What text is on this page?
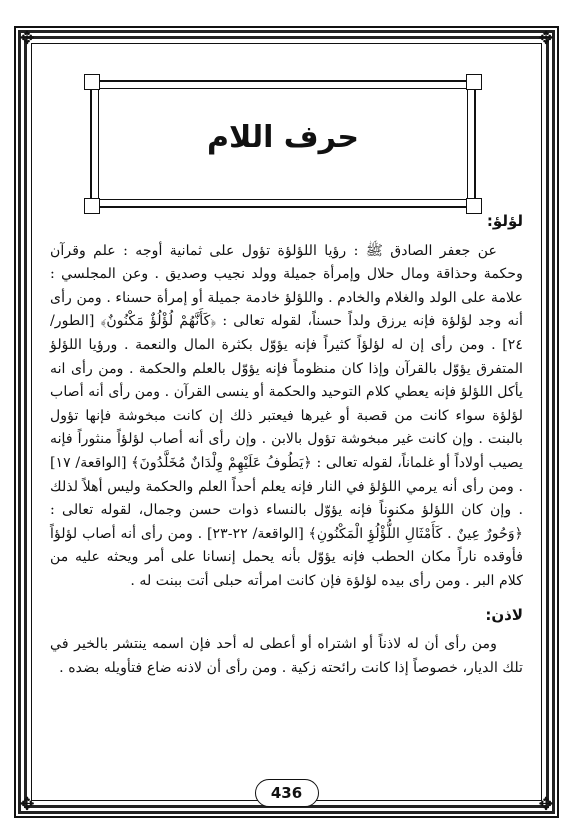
✥	✥
✥	✥
حرف اللام

لؤلؤ:

عن جعفر الصادق ﷺ : رؤيا اللؤلؤة تؤول على ثمانية أوجه : علم وقرآن وحكمة وحذاقة ومال حلال وإمرأة جميلة وولد نجيب وصديق . وعن المجلسي : علامة على الولد والغلام والخادم . واللؤلؤ خادمة جميلة أو إمرأة حسناء . ومن رأى أنه وجد لؤلؤة فإنه يرزق ولداً حسناً، لقوله تعالى : ﴿كَأَنَّهُمْ لُؤْلُؤٌ مَكْنُونٌ﴾ [الطور/ ٢٤] . ومن رأى إن له لؤلؤاً كثيراً فإنه يؤوّل بكثرة المال والنعمة . ورؤيا اللؤلؤ المتفرق يؤوّل بالقرآن وإذا كان منظوماً فإنه يؤوّل بالعلم والحكمة . ومن رأى انه يأكل اللؤلؤ فإنه يعطي كلام التوحيد والحكمة أو ينسى القرآن . ومن رأى أنه أصاب لؤلؤة سواء كانت من قصبة أو غيرها فيعتبر ذلك إن كانت مبخوشة فإنها تؤول بالبنت . وإن كانت غير مبخوشة تؤول بالابن . وإن رأى أنه أصاب لؤلؤاً منثوراً فإنه يصيب أولاداً أو غلماناً، لقوله تعالى : ﴿يَطُوفُ عَلَيْهِمْ وِلْدَانٌ مُخَلَّدُونَ﴾ [الواقعة/ ١٧] . ومن رأى أنه يرمي اللؤلؤ في النار فإنه يعلم أحداً العلم والحكمة وليس أهلاً لذلك . وإن كان اللؤلؤ مكنوناً فإنه يؤوّل بالنساء ذوات حسن وجمال، لقوله تعالى : ﴿وَحُورٌ عِينٌ . كَأَمْثَالِ اللُّؤْلُؤِ الْمَكْنُونِ﴾ [الواقعة/ ٢٢-٢٣] . ومن رأى أنه أصاب لؤلؤاً فأوقده ناراً مكان الحطب فإنه يؤوّل بأنه يحمل إنسانا على أمر ويحثه عليه من كلام البر . ومن رأى بيده لؤلؤة فإن كانت امرأته حبلى أتت ببنت له .

لاذن:

ومن رأى أن له لاذناً أو اشتراه أو أعطى له أحد فإن اسمه ينتشر بالخير في تلك الديار، خصوصاً إذا كانت رائحته زكية . ومن رأى أن لاذنه ضاع فتأويله بضده .

436
